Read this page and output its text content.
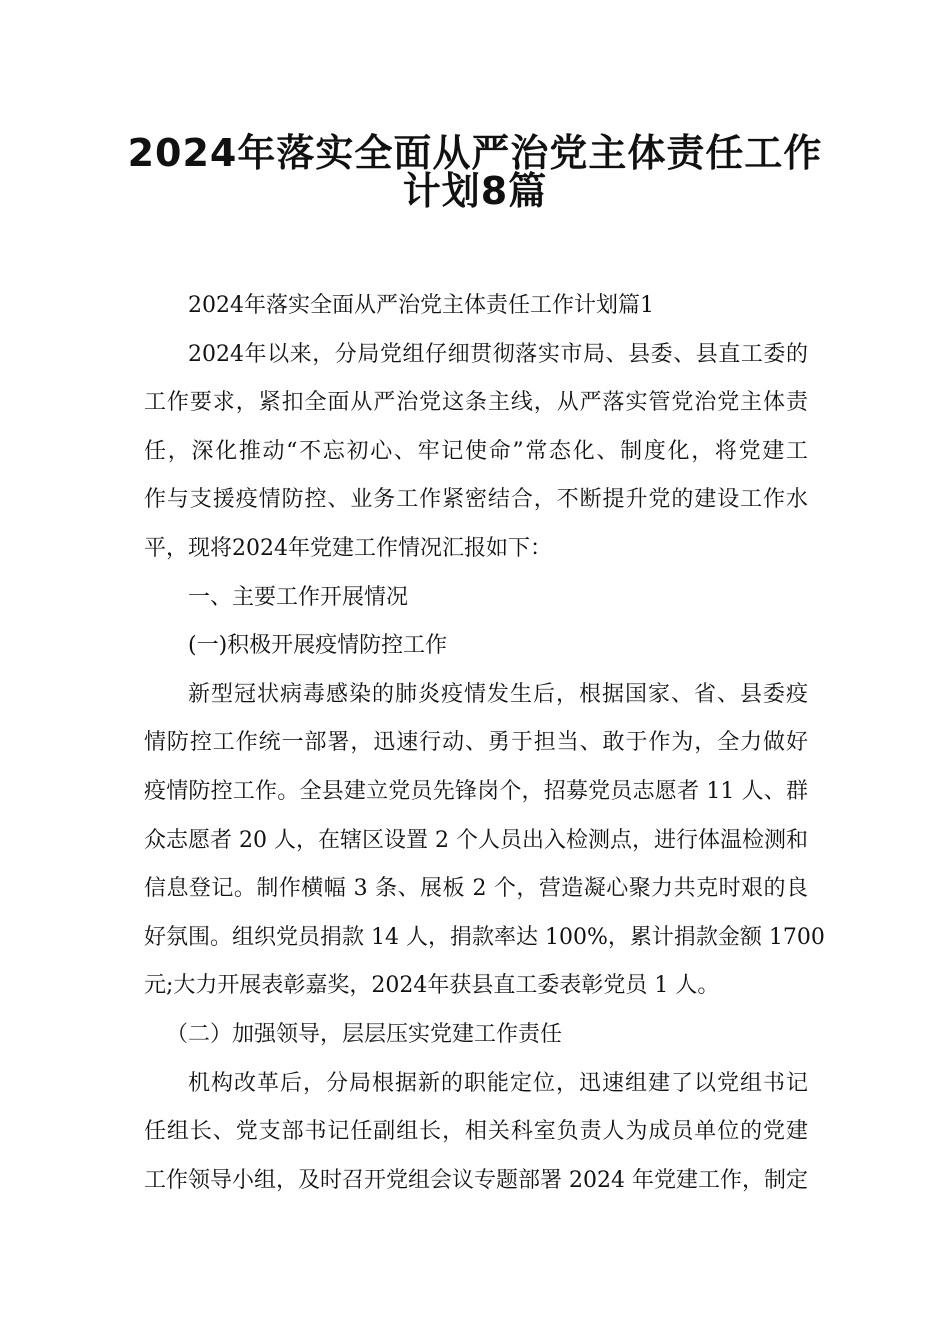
2024年落实全面从严治党主体责任工作
计划8篇
2024年落实全面从严治党主体责任工作计划篇1
2024年以来，分局党组仔细贯彻落实市局、县委、县直工委的
工作要求，紧扣全面从严治党这条主线，从严落实管党治党主体责
任，深化推动“不忘初心、牢记使命”常态化、制度化，将党建工
作与支援疫情防控、业务工作紧密结合，不断提升党的建设工作水
平，现将2024年党建工作情况汇报如下：
一、主要工作开展情况
(一)积极开展疫情防控工作
新型冠状病毒感染的肺炎疫情发生后，根据国家、省、县委疫
情防控工作统一部署，迅速行动、勇于担当、敢于作为，全力做好
疫情防控工作。全县建立党员先锋岗个，招募党员志愿者 11 人、群
众志愿者 20 人，在辖区设置 2 个人员出入检测点，进行体温检测和
信息登记。制作横幅 3 条、展板 2 个，营造凝心聚力共克时艰的良
好氛围。组织党员捐款 14 人，捐款率达 100%，累计捐款金额 1700
元;大力开展表彰嘉奖，2024年获县直工委表彰党员 1 人。
（二）加强领导，层层压实党建工作责任
机构改革后，分局根据新的职能定位，迅速组建了以党组书记
任组长、党支部书记任副组长，相关科室负责人为成员单位的党建
工作领导小组，及时召开党组会议专题部署 2024 年党建工作，制定
